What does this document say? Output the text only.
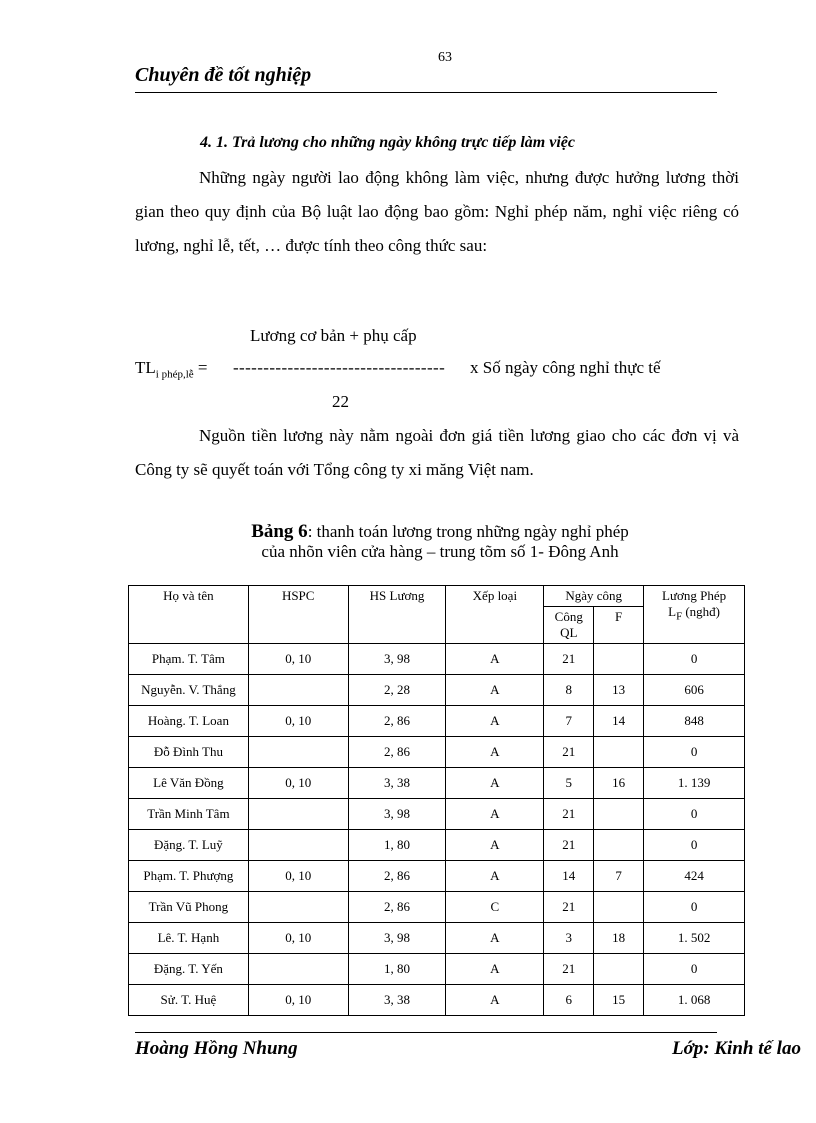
63
Chuyên đề tốt nghiệp
4. 1. Trả lương cho những ngày không trực tiếp làm việc

Những ngày người lao động không làm việc, nhưng được hưởng lương thời gian theo quy định của Bộ luật lao động bao gồm: Nghỉ phép năm, nghỉ việc riêng có lương, nghỉ lễ, tết, … được tính theo công thức sau:

Lương cơ bản + phụ cấp
$TL_{i phép,lễ}$ = ----------------------------------- x Số ngày công nghỉ thực tế
22

Nguồn tiền lương này nằm ngoài đơn giá tiền lương giao cho các đơn vị và Công ty sẽ quyết toán với Tổng công ty xi măng Việt nam.

Bảng 6: thanh toán lương trong những ngày nghỉ phép
của nhõn viên cửa hàng – trung tõm số 1- Đông Anh
Họ và tên	HSPC	HS Lương	Xếp loại	Ngày công		Lương Phép
$L_F$ (nghđ)

				Công QL	F	
Phạm. T. Tâm	0, 10	3, 98	A	21		0
Nguyễn. V. Thắng		2, 28	A	8	13	606
Hoàng. T. Loan	0, 10	2, 86	A	7	14	848
Đỗ Đình Thu		2, 86	A	21		0
Lê Văn Đồng	0, 10	3, 38	A	5	16	1. 139
Trần Minh Tâm		3, 98	A	21		0
Đặng. T. Luỹ		1, 80	A	21		0
Phạm. T. Phượng	0, 10	2, 86	A	14	7	424
Trần Vũ Phong		2, 86	C	21		0
Lê. T. Hạnh	0, 10	3, 98	A	3	18	1. 502
Đặng. T. Yến		1, 80	A	21		0
Sử. T. Huệ	0, 10	3, 38	A	6	15	1. 068
Hoàng Hồng Nhung	Lớp: Kinh tế lao
